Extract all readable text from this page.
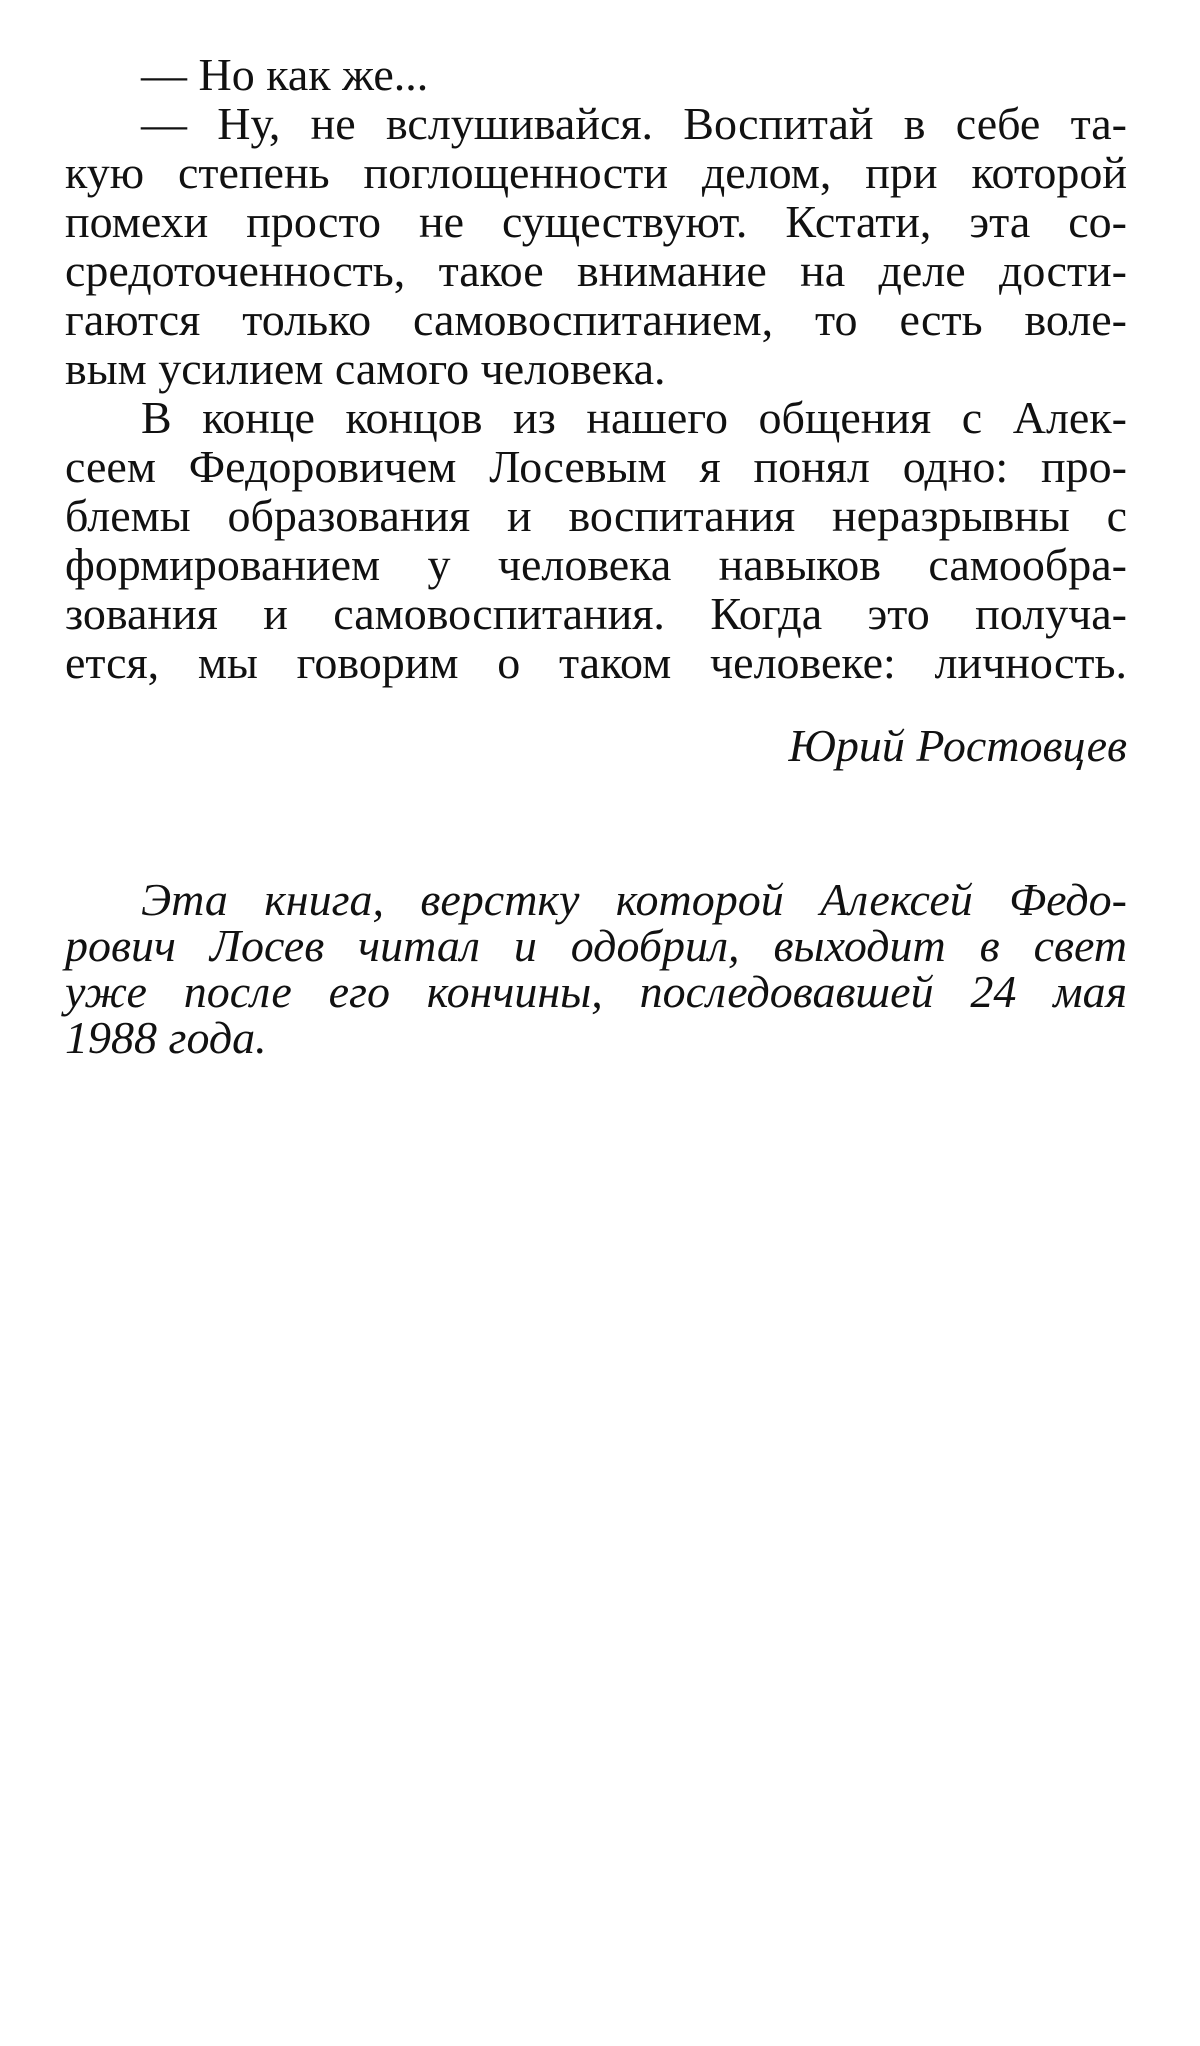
— Но как же...
— Ну, не вслушивайся. Воспитай в себе та-
кую степень поглощенности делом, при которой
помехи просто не существуют. Кстати, эта со-
средоточенность, такое внимание на деле дости-
гаются только самовоспитанием, то есть воле-
вым усилием самого человека.
В конце концов из нашего общения с Алек-
сеем Федоровичем Лосевым я понял одно: про-
блемы образования и воспитания неразрывны с
формированием у человека навыков самообра-
зования и самовоспитания. Когда это получа-
ется, мы говорим о таком человеке: личность.
Юрий Ростовцев
Эта книга, верстку которой Алексей Федо-
рович Лосев читал и одобрил, выходит в свет
уже после его кончины, последовавшей 24 мая
1988 года.
